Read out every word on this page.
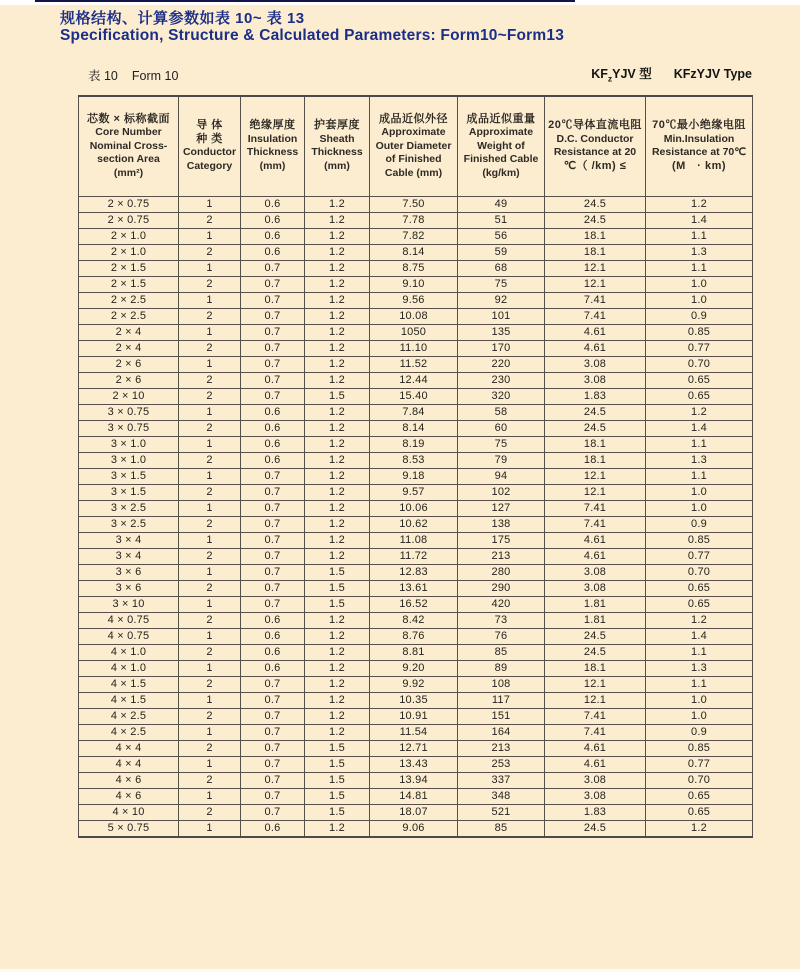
规格结构、计算参数如表 10~ 表 13
Specification, Structure & Calculated Parameters: Form10~Form13
表 10 Form 10	$KF_zYJV$ 型 KFzYJV Type
芯数 × 标称截面
Core Number
Nominal Cross-
section Area
(mm²)

导 体
种 类
Conductor
Category

绝缘厚度
Insulation
Thickness
(mm)

护套厚度
Sheath
Thickness
(mm)

成品近似外径
Approximate
Outer Diameter
of Finished
Cable (mm)

成品近似重量
Approximate
Weight of
Finished Cable
(kg/km)

20℃导体直流电阻
D.C. Conductor
Resistance at 20
℃（ /km) ≤

70℃最小绝缘电阻
Min.Insulation
Resistance at 70℃
(M　· km)

2 × 0.75	1	0.6	1.2	7.50	49	24.5	1.2
2 × 0.75	2	0.6	1.2	7.78	51	24.5	1.4
2 × 1.0	1	0.6	1.2	7.82	56	18.1	1.1
2 × 1.0	2	0.6	1.2	8.14	59	18.1	1.3
2 × 1.5	1	0.7	1.2	8.75	68	12.1	1.1
2 × 1.5	2	0.7	1.2	9.10	75	12.1	1.0
2 × 2.5	1	0.7	1.2	9.56	92	7.41	1.0
2 × 2.5	2	0.7	1.2	10.08	101	7.41	0.9
2 × 4	1	0.7	1.2	1050	135	4.61	0.85
2 × 4	2	0.7	1.2	11.10	170	4.61	0.77
2 × 6	1	0.7	1.2	11.52	220	3.08	0.70
2 × 6	2	0.7	1.2	12.44	230	3.08	0.65
2 × 10	2	0.7	1.5	15.40	320	1.83	0.65
3 × 0.75	1	0.6	1.2	7.84	58	24.5	1.2
3 × 0.75	2	0.6	1.2	8.14	60	24.5	1.4
3 × 1.0	1	0.6	1.2	8.19	75	18.1	1.1
3 × 1.0	2	0.6	1.2	8.53	79	18.1	1.3
3 × 1.5	1	0.7	1.2	9.18	94	12.1	1.1
3 × 1.5	2	0.7	1.2	9.57	102	12.1	1.0
3 × 2.5	1	0.7	1.2	10.06	127	7.41	1.0
3 × 2.5	2	0.7	1.2	10.62	138	7.41	0.9
3 × 4	1	0.7	1.2	11.08	175	4.61	0.85
3 × 4	2	0.7	1.2	11.72	213	4.61	0.77
3 × 6	1	0.7	1.5	12.83	280	3.08	0.70
3 × 6	2	0.7	1.5	13.61	290	3.08	0.65
3 × 10	1	0.7	1.5	16.52	420	1.81	0.65
4 × 0.75	2	0.6	1.2	8.42	73	1.81	1.2
4 × 0.75	1	0.6	1.2	8.76	76	24.5	1.4
4 × 1.0	2	0.6	1.2	8.81	85	24.5	1.1
4 × 1.0	1	0.6	1.2	9.20	89	18.1	1.3
4 × 1.5	2	0.7	1.2	9.92	108	12.1	1.1
4 × 1.5	1	0.7	1.2	10.35	117	12.1	1.0
4 × 2.5	2	0.7	1.2	10.91	151	7.41	1.0
4 × 2.5	1	0.7	1.2	11.54	164	7.41	0.9
4 × 4	2	0.7	1.5	12.71	213	4.61	0.85
4 × 4	1	0.7	1.5	13.43	253	4.61	0.77
4 × 6	2	0.7	1.5	13.94	337	3.08	0.70
4 × 6	1	0.7	1.5	14.81	348	3.08	0.65
4 × 10	2	0.7	1.5	18.07	521	1.83	0.65
5 × 0.75	1	0.6	1.2	9.06	85	24.5	1.2
